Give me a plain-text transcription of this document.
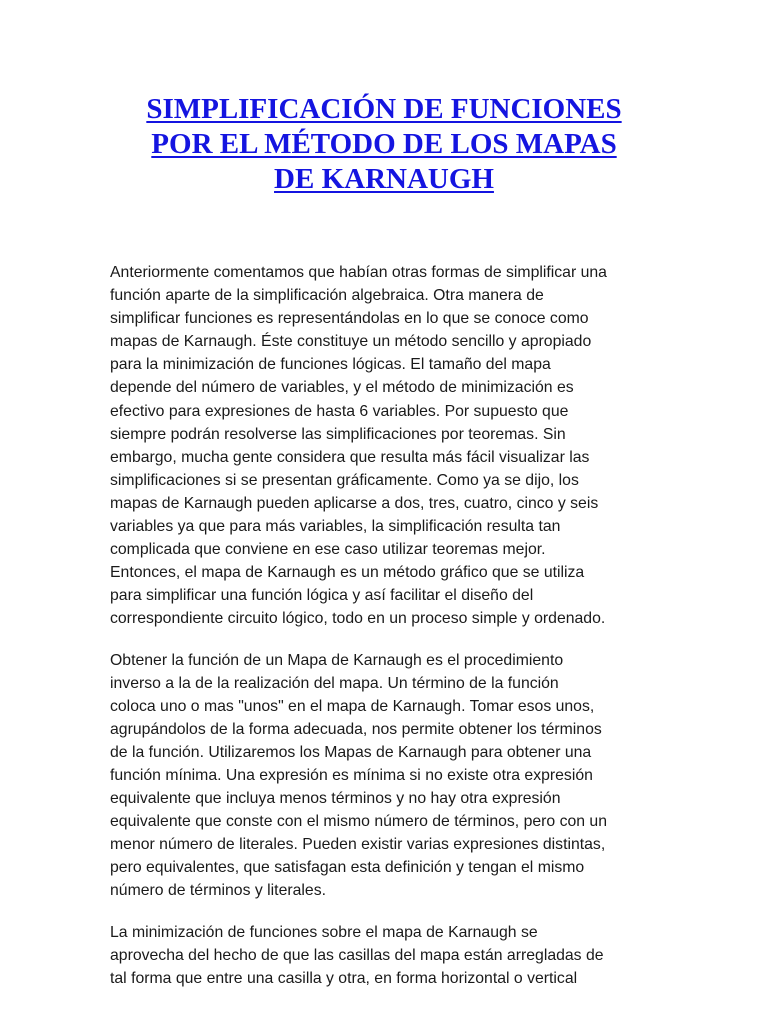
SIMPLIFICACIÓN DE FUNCIONES
POR EL MÉTODO DE LOS MAPAS
DE KARNAUGH

Anteriormente comentamos que habían otras formas de simplificar una
función aparte de la simplificación algebraica. Otra manera de
simplificar funciones es representándolas en lo que se conoce como
mapas de Karnaugh. Éste constituye un método sencillo y apropiado
para la minimización de funciones lógicas. El tamaño del mapa
depende del número de variables, y el método de minimización es
efectivo para expresiones de hasta 6 variables. Por supuesto que
siempre podrán resolverse las simplificaciones por teoremas. Sin
embargo, mucha gente considera que resulta más fácil visualizar las
simplificaciones si se presentan gráficamente. Como ya se dijo, los
mapas de Karnaugh pueden aplicarse a dos, tres, cuatro, cinco y seis
variables ya que para más variables, la simplificación resulta tan
complicada que conviene en ese caso utilizar teoremas mejor.
Entonces, el mapa de Karnaugh es un método gráfico que se utiliza
para simplificar una función lógica y así facilitar el diseño del
correspondiente circuito lógico, todo en un proceso simple y ordenado.

Obtener la función de un Mapa de Karnaugh es el procedimiento
inverso a la de la realización del mapa. Un término de la función
coloca uno o mas "unos" en el mapa de Karnaugh. Tomar esos unos,
agrupándolos de la forma adecuada, nos permite obtener los términos
de la función. Utilizaremos los Mapas de Karnaugh para obtener una
función mínima. Una expresión es mínima si no existe otra expresión
equivalente que incluya menos términos y no hay otra expresión
equivalente que conste con el mismo número de términos, pero con un
menor número de literales. Pueden existir varias expresiones distintas,
pero equivalentes, que satisfagan esta definición y tengan el mismo
número de términos y literales.

La minimización de funciones sobre el mapa de Karnaugh se
aprovecha del hecho de que las casillas del mapa están arregladas de
tal forma que entre una casilla y otra, en forma horizontal o vertical
